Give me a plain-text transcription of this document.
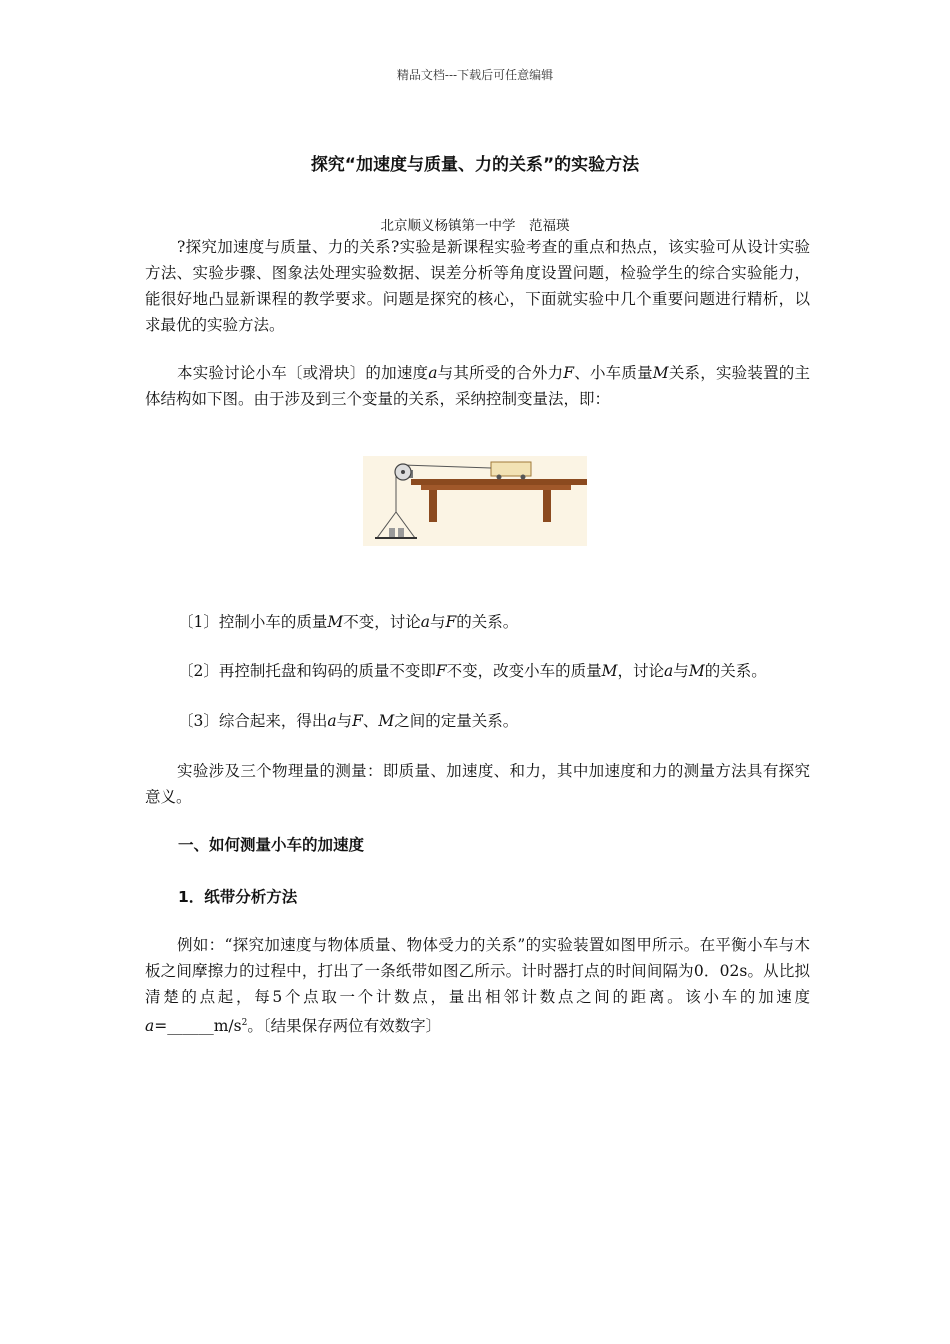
精品文档---下载后可任意编辑
探究“加速度与质量、力的关系”的实验方法
北京顺义杨镇第一中学　范福瑛

?探究加速度与质量、力的关系?实验是新课程实验考查的重点和热点，该实验可从设计实验方法、实验步骤、图象法处理实验数据、误差分析等角度设置问题，检验学生的综合实验能力，能很好地凸显新课程的教学要求。问题是探究的核心，下面就实验中几个重要问题进行精析，以求最优的实验方法。

本实验讨论小车〔或滑块〕的加速度a与其所受的合外力F、小车质量M关系，实验装置的主体结构如下图。由于涉及到三个变量的关系，采纳控制变量法，即：

〔1〕控制小车的质量M不变，讨论a与F的关系。
〔2〕再控制托盘和钩码的质量不变即F不变，改变小车的质量M，讨论a与M的关系。
〔3〕综合起来，得出a与F、M之间的定量关系。

实验涉及三个物理量的测量：即质量、加速度、和力，其中加速度和力的测量方法具有探究意义。

一、如何测量小车的加速度
1．纸带分析方法

例如：“探究加速度与物体质量、物体受力的关系”的实验装置如图甲所示。在平衡小车与木板之间摩擦力的过程中，打出了一条纸带如图乙所示。计时器打点的时间间隔为0．02s。从比拟清楚的点起，每5个点取一个计数点，量出相邻计数点之间的距离。该小车的加速度$a=\_\_\_\_\_\_m/s^2$。〔结果保存两位有效数字〕
